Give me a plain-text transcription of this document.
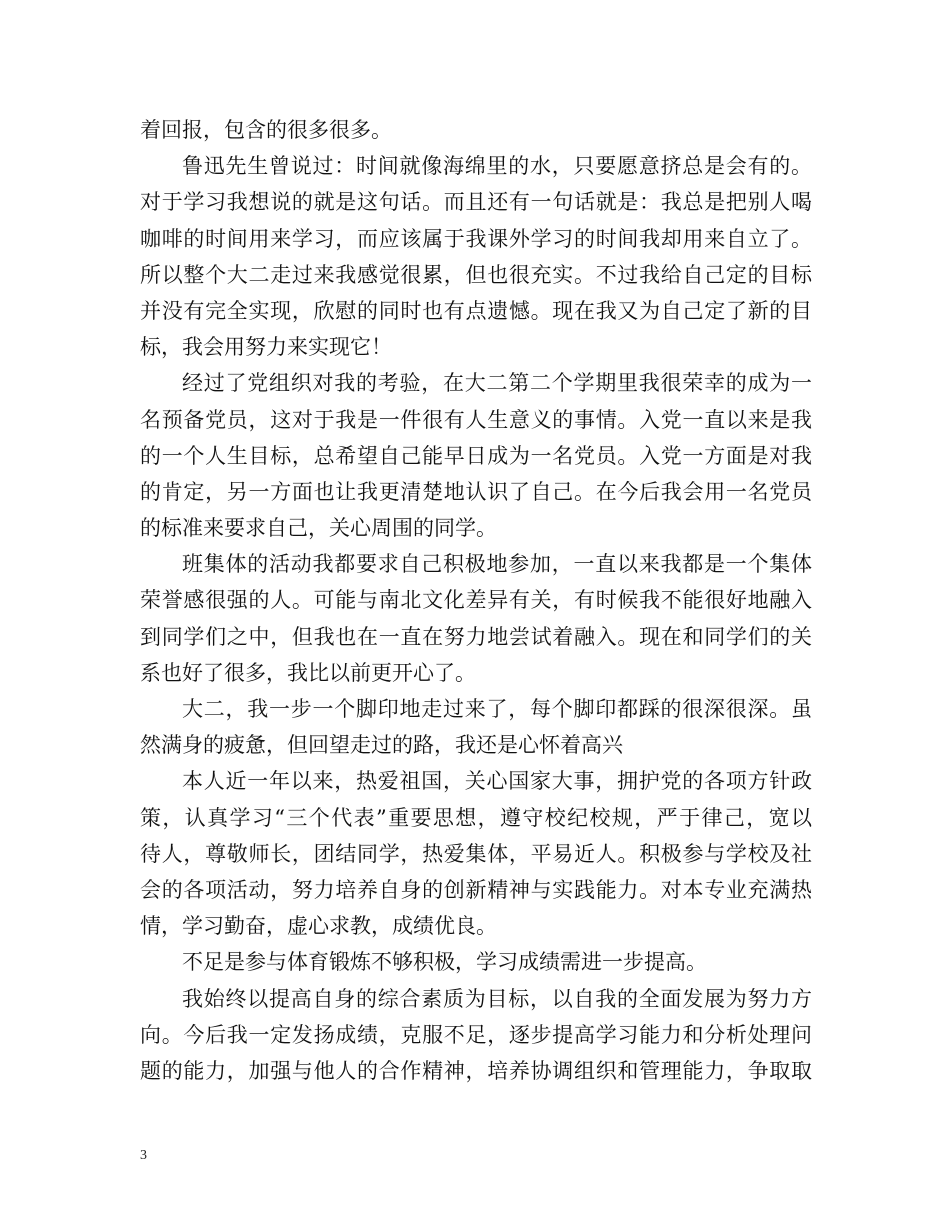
着回报，包含的很多很多。
鲁迅先生曾说过：时间就像海绵里的水，只要愿意挤总是会有的。
对于学习我想说的就是这句话。而且还有一句话就是：我总是把别人喝
咖啡的时间用来学习，而应该属于我课外学习的时间我却用来自立了。
所以整个大二走过来我感觉很累，但也很充实。不过我给自己定的目标
并没有完全实现，欣慰的同时也有点遗憾。现在我又为自己定了新的目
标，我会用努力来实现它！
经过了党组织对我的考验，在大二第二个学期里我很荣幸的成为一
名预备党员，这对于我是一件很有人生意义的事情。入党一直以来是我
的一个人生目标，总希望自己能早日成为一名党员。入党一方面是对我
的肯定，另一方面也让我更清楚地认识了自己。在今后我会用一名党员
的标准来要求自己，关心周围的同学。
班集体的活动我都要求自己积极地参加，一直以来我都是一个集体
荣誉感很强的人。可能与南北文化差异有关，有时候我不能很好地融入
到同学们之中，但我也在一直在努力地尝试着融入。现在和同学们的关
系也好了很多，我比以前更开心了。
大二，我一步一个脚印地走过来了，每个脚印都踩的很深很深。虽
然满身的疲惫，但回望走过的路，我还是心怀着高兴
本人近一年以来，热爱祖国，关心国家大事，拥护党的各项方针政
策，认真学习“三个代表”重要思想，遵守校纪校规，严于律己，宽以
待人，尊敬师长，团结同学，热爱集体，平易近人。积极参与学校及社
会的各项活动，努力培养自身的创新精神与实践能力。对本专业充满热
情，学习勤奋，虚心求教，成绩优良。
不足是参与体育锻炼不够积极，学习成绩需进一步提高。
我始终以提高自身的综合素质为目标，以自我的全面发展为努力方
向。今后我一定发扬成绩，克服不足，逐步提高学习能力和分析处理问
题的能力，加强与他人的合作精神，培养协调组织和管理能力，争取取
3
